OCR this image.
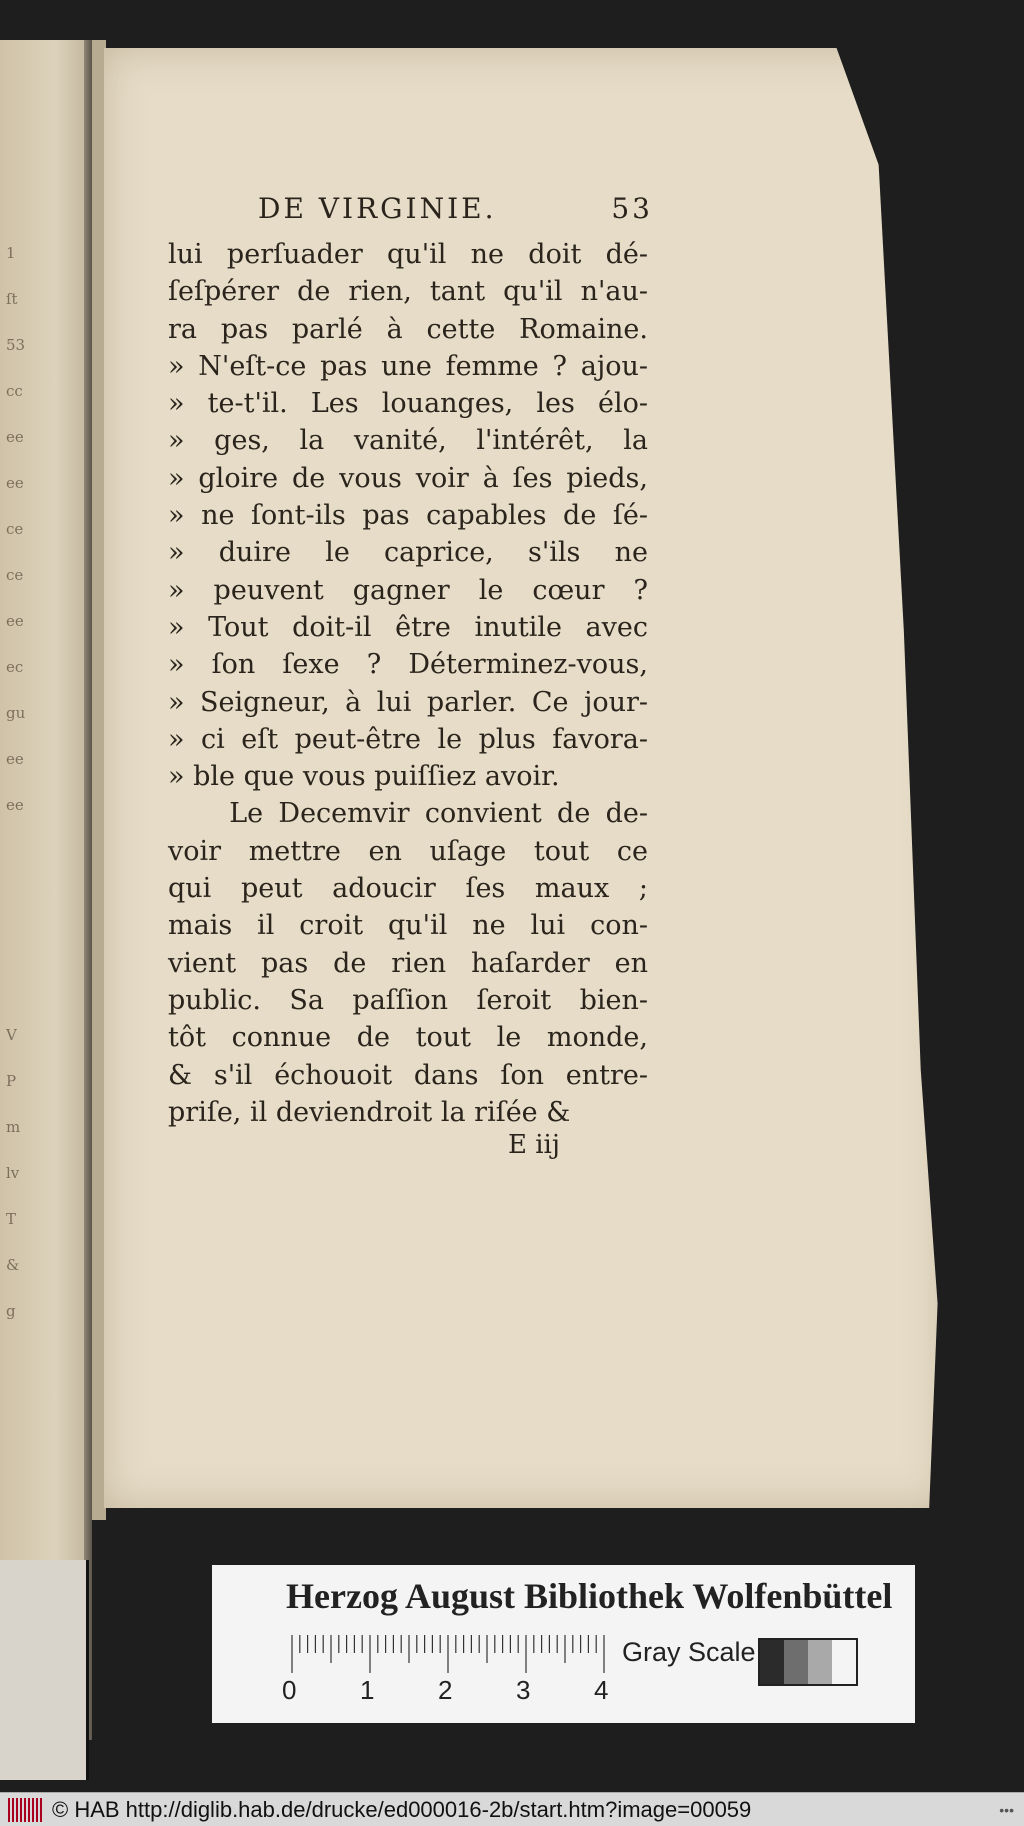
1
ſt
53
cc
ee
ee
ce
ce
ee
ec
gu
ee
ee
V
P
m
lv
T
&
g
DE VIRGINIE.	53
lui perſuader qu'il ne doit dé-
ſeſpérer de rien, tant qu'il n'au-
ra pas parlé à cette Romaine.
» N'eſt-ce pas une femme ? ajou-
» te-t'il. Les louanges, les élo-
» ges, la vanité, l'intérêt, la
» gloire de vous voir à ſes pieds,
» ne ſont-ils pas capables de ſé-
» duire le caprice, s'ils ne
» peuvent gagner le cœur ?
» Tout doit-il être inutile avec
» ſon ſexe ? Déterminez-vous,
» Seigneur, à lui parler. Ce jour-
» ci eſt peut-être le plus favora-
» ble que vous puiſſiez avoir.
Le Decemvir convient de de-
voir mettre en uſage tout ce
qui peut adoucir ſes maux ;
mais il croit qu'il ne lui con-
vient pas de rien haſarder en
public. Sa paſſion ſeroit bien-
tôt connue de tout le monde,
& s'il échouoit dans ſon entre-
priſe, il deviendroit la riſée &
E iij
Herzog August Bibliothek Wolfenbüttel
0 1 2 3 4
Gray Scale
© HAB http://diglib.hab.de/drucke/ed000016-2b/start.htm?image=00059	•••
